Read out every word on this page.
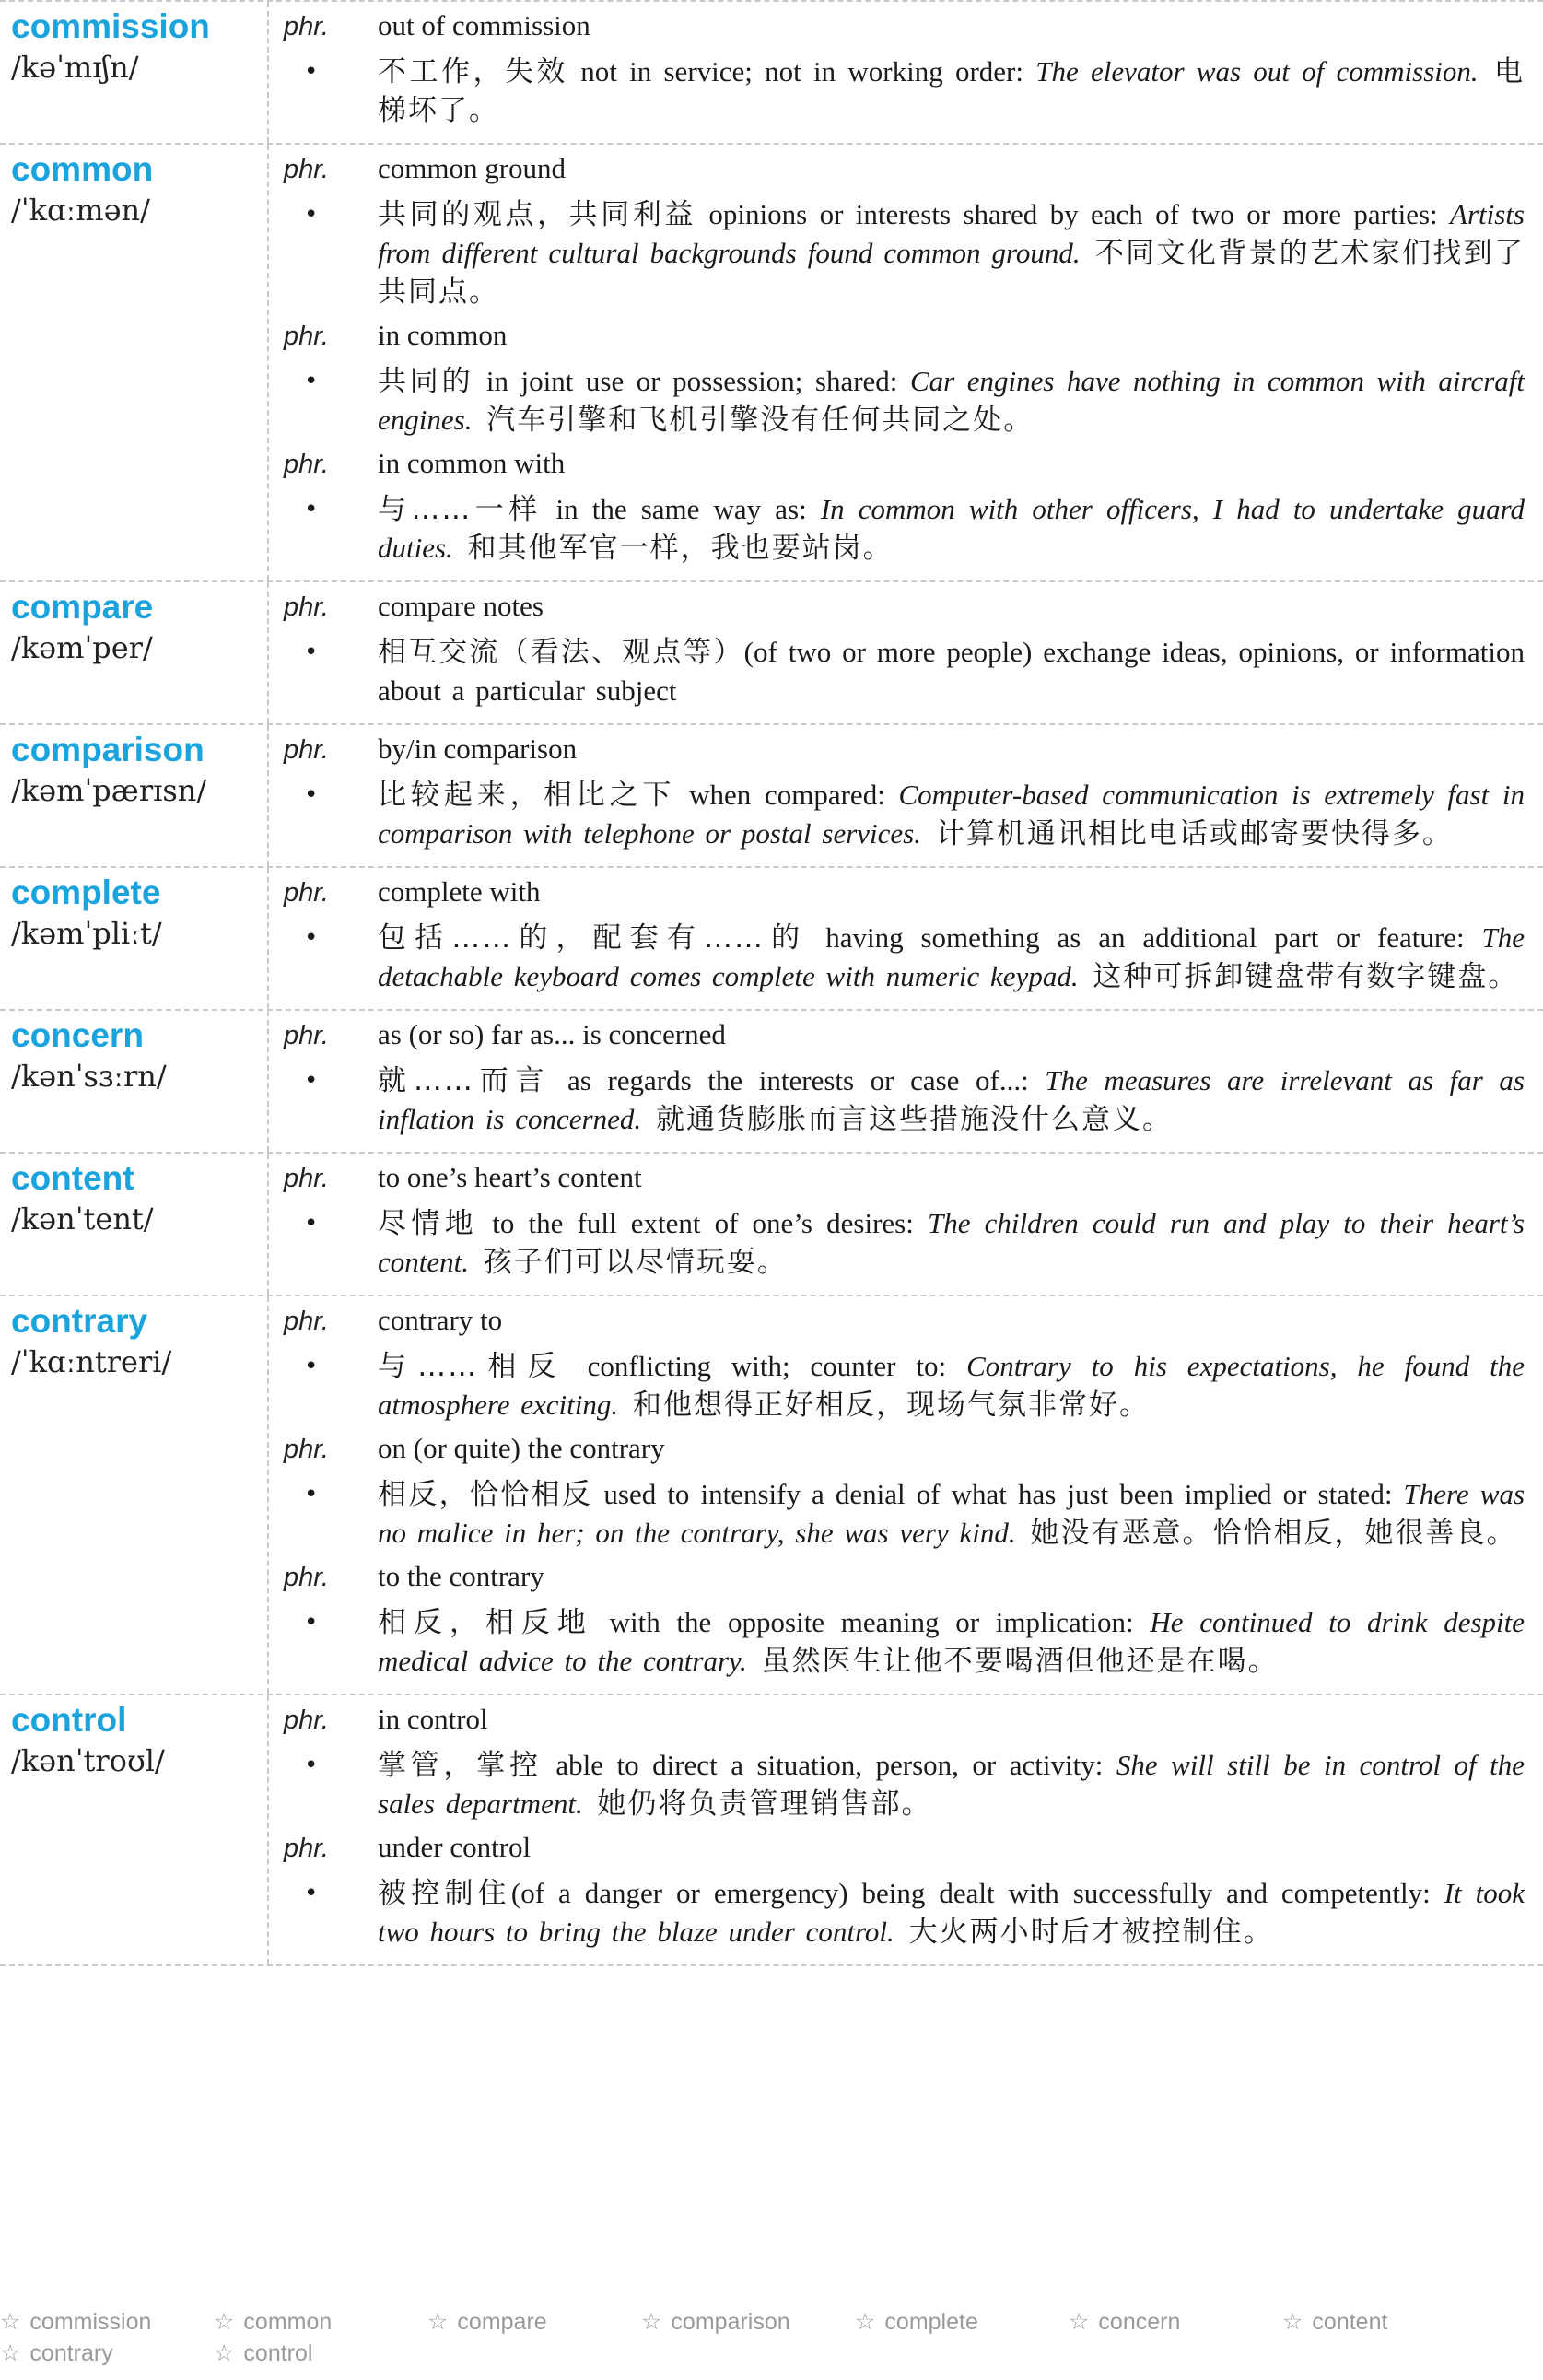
commission
/kəˈmɪʃn/
phr.	out of commission
•	不工作，失效 not in service; not in working order: The elevator was out of commission. 电梯坏了。
common
/ˈkɑːmən/
phr.	common ground
•	共同的观点，共同利益 opinions or interests shared by each of two or more parties: Artists from different cultural backgrounds found common ground. 不同文化背景的艺术家们找到了共同点。
phr.	in common
•	共同的 in joint use or possession; shared: Car engines have nothing in common with aircraft engines. 汽车引擎和飞机引擎没有任何共同之处。
phr.	in common with
•	与……一样 in the same way as: In common with other officers, I had to undertake guard duties. 和其他军官一样，我也要站岗。
compare
/kəmˈper/
phr.	compare notes
•	相互交流（看法、观点等）(of two or more people) exchange ideas, opinions, or information about a particular subject
comparison
/kəmˈpærɪsn/
phr.	by/in comparison
•	比较起来，相比之下 when compared: Computer-based communication is extremely fast in comparison with telephone or postal services. 计算机通讯相比电话或邮寄要快得多。
complete
/kəmˈpliːt/
phr.	complete with
•	包括……的，配套有……的 having something as an additional part or feature: The detachable keyboard comes complete with numeric keypad. 这种可拆卸键盘带有数字键盘。
concern
/kənˈsɜːrn/
phr.	as (or so) far as... is concerned
•	就……而言 as regards the interests or case of...: The measures are irrelevant as far as inflation is concerned. 就通货膨胀而言这些措施没什么意义。
content
/kənˈtent/
phr.	to one’s heart’s content
•	尽情地 to the full extent of one’s desires: The children could run and play to their heart’s content. 孩子们可以尽情玩耍。
contrary
/ˈkɑːntreri/
phr.	contrary to
•	与……相反 conflicting with; counter to: Contrary to his expectations, he found the atmosphere exciting. 和他想得正好相反，现场气氛非常好。
phr.	on (or quite) the contrary
•	相反，恰恰相反 used to intensify a denial of what has just been implied or stated: There was no malice in her; on the contrary, she was very kind. 她没有恶意。恰恰相反，她很善良。
phr.	to the contrary
•	相反，相反地 with the opposite meaning or implication: He continued to drink despite medical advice to the contrary. 虽然医生让他不要喝酒但他还是在喝。
control
/kənˈtroʊl/
phr.	in control
•	掌管，掌控 able to direct a situation, person, or activity: She will still be in control of the sales department. 她仍将负责管理销售部。
phr.	under control
•	被控制住(of a danger or emergency) being dealt with successfully and competently: It took two hours to bring the blaze under control. 大火两小时后才被控制住。
☆ commission	☆ common	☆ compare	☆ comparison	☆ complete	☆ concern	☆ content
☆ contrary	☆ control
